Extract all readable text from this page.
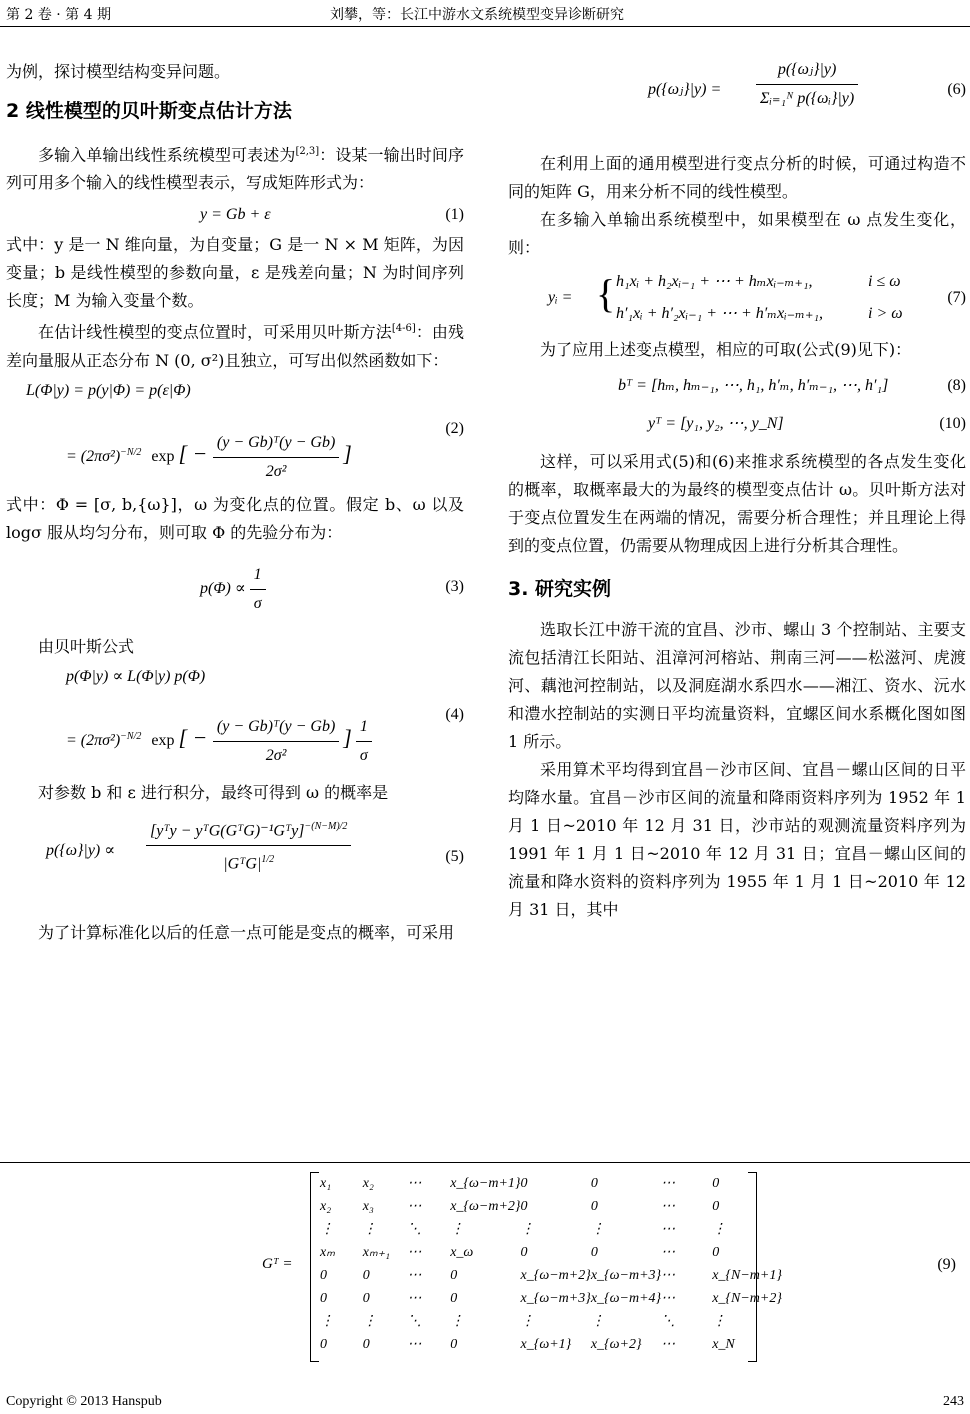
第 2 卷 · 第 4 期	刘攀，等：长江中游水文系统模型变异诊断研究

为例，探讨模型结构变异问题。

2 线性模型的贝叶斯变点估计方法

多输入单输出线性系统模型可表述为[2,3]：设某一输出时间序列可用多个输入的线性模型表示，写成矩阵形式为：

y = Gb + ε	(1)

式中：y 是一 N 维向量，为自变量；G 是一 N × M 矩阵，为因变量；b 是线性模型的参数向量，ε 是残差向量；N 为时间序列长度；M 为输入变量个数。

在估计线性模型的变点位置时，可采用贝叶斯方法[4-6]：由残差向量服从正态分布 N (0, σ²)且独立，可写出似然函数如下：

L(Φ|y) = p(y|Φ) = p(ε|Φ)
= $(2\pi\sigma^2)^{-N/2}$ exp [ − $\frac{\text{(y − Gb)ᵀ(y − Gb)}}{\text{2σ²}}$ ]
(2)

式中：Φ = [σ, b,{ω}]，ω 为变化点的位置。假定 b、ω 以及 logσ 服从均匀分布，则可取 Φ 的先验分布为：

$p(\Phi) \propto \frac{1}{\sigma}$	(3)

由贝叶斯公式

p(Φ|y) ∝ L(Φ|y) p(Φ)
= $(2\pi\sigma^2)^{-N/2}$ exp [ − $\frac{\text{(y − Gb)ᵀ(y − Gb)}}{\text{2σ²}}$ ] $\frac{1}{\sigma}$	(4)

对参数 b 和 ε 进行积分，最终可得到 ω 的概率是

$p(\{\omega\}|y) \propto \frac{[yᵀy - yᵀG(GᵀG)^{-1}Gᵀy]^{-(N-M)/2}}{|GᵀG|^{1/2}}$	(5)

为了计算标准化以后的任意一点可能是变点的概率，可采用

p({ωⱼ}|y) = $\frac{\text{p(\{ωⱼ\}|y)}}{\text{Σᵢ₌₁ᴺ p(\{ωᵢ\}|y)}}$	(6)

在利用上面的通用模型进行变点分析的时候，可通过构造不同的矩阵 G，用来分析不同的线性模型。

在多输入单输出系统模型中，如果模型在 ω 点发生变化，则：

yᵢ = { h₁xᵢ + h₂xᵢ₋₁ + ⋯ + hₘxᵢ₋ₘ₊₁,	i ≤ ω
h′₁xᵢ + h′₂xᵢ₋₁ + ⋯ + h′ₘxᵢ₋ₘ₊₁,	i > ω
(7)

为了应用上述变点模型，相应的可取(公式(9)见下)：

bᵀ = [hₘ, hₘ₋₁, ⋯, h₁, h′ₘ, h′ₘ₋₁, ⋯, h′₁]	(8)
yᵀ = [y₁, y₂, ⋯, y_N]	(10)

这样，可以采用式(5)和(6)来推求系统模型的各点发生变化的概率，取概率最大的为最终的模型变点估计 ω。贝叶斯方法对于变点位置发生在两端的情况，需要分析合理性；并且理论上得到的变点位置，仍需要从物理成因上进行分析其合理性。

3. 研究实例

选取长江中游干流的宜昌、沙市、螺山 3 个控制站、主要支流包括清江长阳站、沮漳河河榕站、荆南三河——松滋河、虎渡河、藕池河控制站，以及洞庭湖水系四水——湘江、资水、沅水和澧水控制站的实测日平均流量资料，宜螺区间水系概化图如图 1 所示。

采用算术平均得到宜昌－沙市区间、宜昌－螺山区间的日平均降水量。宜昌－沙市区间的流量和降雨资料序列为 1952 年 1 月 1 日~2010 年 12 月 31 日，沙市站的观测流量资料序列为 1991 年 1 月 1 日~2010 年 12 月 31 日；宜昌－螺山区间的流量和降水资料的资料序列为 1955 年 1 月 1 日~2010 年 12 月 31 日，其中

Gᵀ =
x₁	x₂	⋯	x_{ω−m+1}	0	0	⋯	0
x₂	x₃	⋯	x_{ω−m+2}	0	0	⋯	0
⋮	⋮	⋱	⋮	⋮	⋮	⋯	⋮
xₘ	xₘ₊₁	⋯	x_ω	0	0	⋯	0
0	0	⋯	0	x_{ω−m+2}	x_{ω−m+3}	⋯	x_{N−m+1}
0	0	⋯	0	x_{ω−m+3}	x_{ω−m+4}	⋯	x_{N−m+2}
⋮	⋮	⋱	⋮	⋮	⋮	⋱	⋮
0	0	⋯	0	x_{ω+1}	x_{ω+2}	⋯	x_N
(9)
Copyright © 2013 Hanspub	243
